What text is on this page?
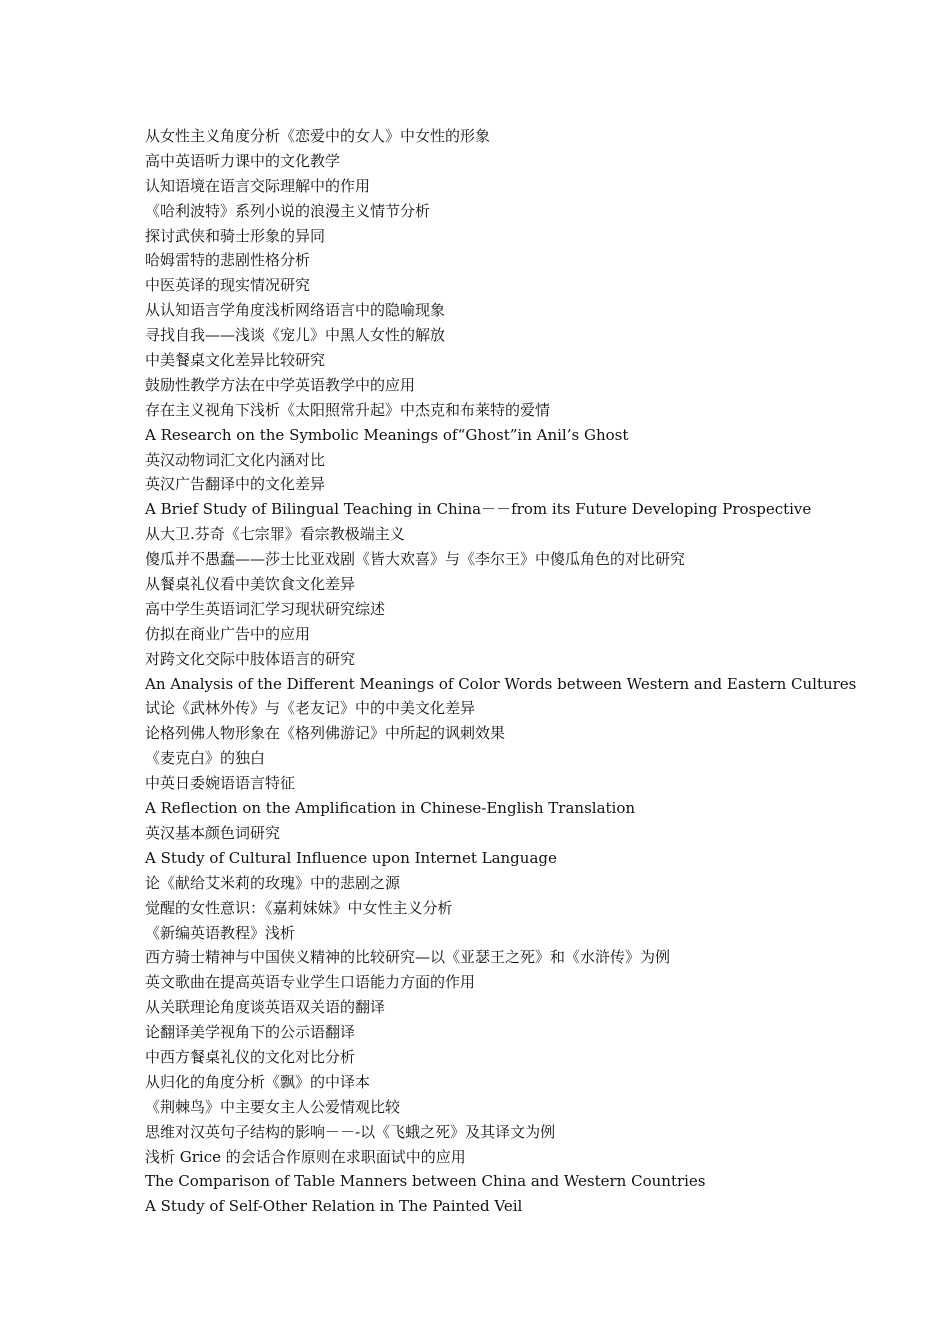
从女性主义角度分析《恋爱中的女人》中女性的形象
高中英语听力课中的文化教学
认知语境在语言交际理解中的作用
《哈利波特》系列小说的浪漫主义情节分析
探讨武侠和骑士形象的异同
哈姆雷特的悲剧性格分析
中医英译的现实情况研究
从认知语言学角度浅析网络语言中的隐喻现象
寻找自我——浅谈《宠儿》中黑人女性的解放
中美餐桌文化差异比较研究
鼓励性教学方法在中学英语教学中的应用
存在主义视角下浅析《太阳照常升起》中杰克和布莱特的爱情
A Research on the Symbolic Meanings of“Ghost”in Anil’s Ghost
英汉动物词汇文化内涵对比
英汉广告翻译中的文化差异
A Brief Study of Bilingual Teaching in China－－from its Future Developing Prospective
从大卫.芬奇《七宗罪》看宗教极端主义
傻瓜并不愚蠢——莎士比亚戏剧《皆大欢喜》与《李尔王》中傻瓜角色的对比研究
从餐桌礼仪看中美饮食文化差异
高中学生英语词汇学习现状研究综述
仿拟在商业广告中的应用
对跨文化交际中肢体语言的研究
An Analysis of the Different Meanings of Color Words between Western and Eastern Cultures
试论《武林外传》与《老友记》中的中美文化差异
论格列佛人物形象在《格列佛游记》中所起的讽刺效果
《麦克白》的独白
中英日委婉语语言特征
A Reflection on the Amplification in Chinese-English Translation
英汉基本颜色词研究
A Study of Cultural Influence upon Internet Language
论《献给艾米莉的玫瑰》中的悲剧之源
觉醒的女性意识：《嘉莉妹妹》中女性主义分析
《新编英语教程》浅析
西方骑士精神与中国侠义精神的比较研究—以《亚瑟王之死》和《水浒传》为例
英文歌曲在提高英语专业学生口语能力方面的作用
从关联理论角度谈英语双关语的翻译
论翻译美学视角下的公示语翻译
中西方餐桌礼仪的文化对比分析
从归化的角度分析《飘》的中译本
《荆棘鸟》中主要女主人公爱情观比较
思维对汉英句子结构的影响－－-以《飞蛾之死》及其译文为例
浅析 Grice 的会话合作原则在求职面试中的应用
The Comparison of Table Manners between China and Western Countries
A Study of Self-Other Relation in The Painted Veil
